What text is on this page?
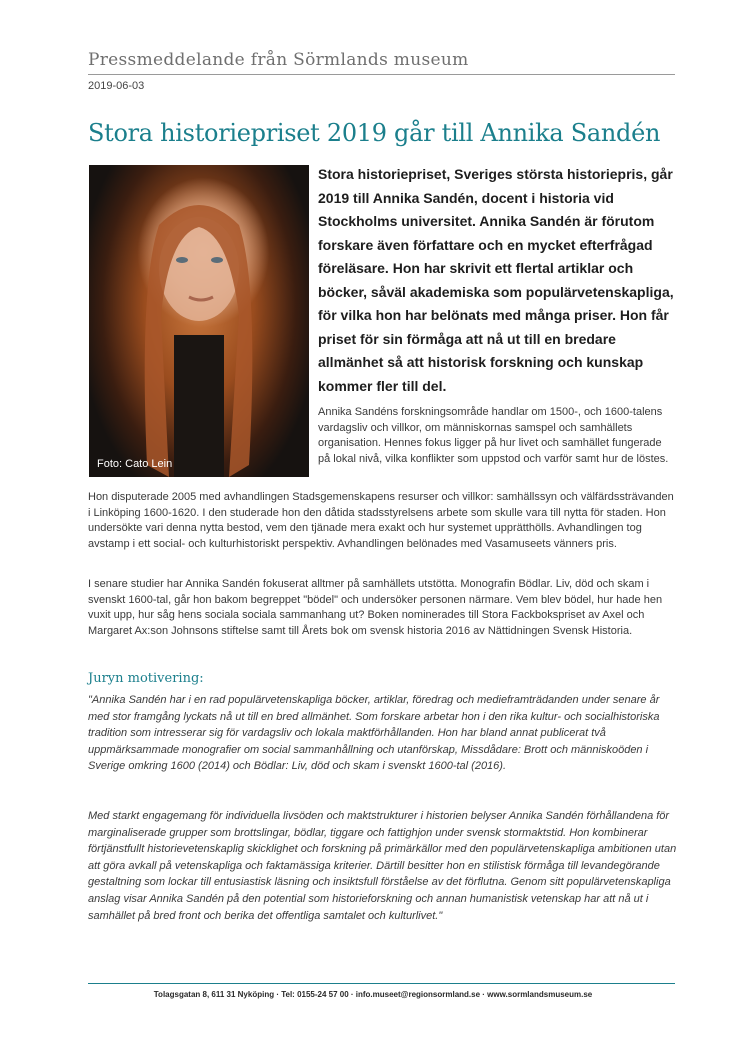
Pressmeddelande från Sörmlands museum
2019-06-03
Stora historiepriset 2019 går till Annika Sandén
Foto: Cato Lein

Stora historiepriset, Sveriges största historiepris, går 2019 till Annika Sandén, docent i historia vid Stockholms universitet. Annika Sandén är förutom forskare även författare och en mycket efterfrågad föreläsare. Hon har skrivit ett flertal artiklar och böcker, såväl akademiska som populärvetenskapliga, för vilka hon har belönats med många priser. Hon får priset för sin förmåga att nå ut till en bredare allmänhet så att historisk forskning och kunskap kommer fler till del.

Annika Sandéns forskningsområde handlar om 1500-, och 1600-talens vardagsliv och villkor, om människornas samspel och samhällets organisation. Hennes fokus ligger på hur livet och samhället fungerade på lokal nivå, vilka konflikter som uppstod och varför samt hur de löstes.

Hon disputerade 2005 med avhandlingen Stadsgemenskapens resurser och villkor: samhällssyn och välfärdssträvanden i Linköping 1600-1620. I den studerade hon den dåtida stadsstyrelsens arbete som skulle vara till nytta för staden. Hon undersökte vari denna nytta bestod, vem den tjänade mera exakt och hur systemet upprätthölls. Avhandlingen tog avstamp i ett social- och kulturhistoriskt perspektiv. Avhandlingen belönades med Vasamuseets vänners pris.

I senare studier har Annika Sandén fokuserat alltmer på samhällets utstötta. Monografin Bödlar. Liv, död och skam i svenskt 1600-tal, går hon bakom begreppet "bödel" och undersöker personen närmare. Vem blev bödel, hur hade hen vuxit upp, hur såg hens sociala sociala sammanhang ut? Boken nominerades till Stora Fackbokspriset av Axel och Margaret Ax:son Johnsons stiftelse samt till Årets bok om svensk historia 2016 av Nättidningen Svensk Historia.

Juryn motivering:

"Annika Sandén har i en rad populärvetenskapliga böcker, artiklar, föredrag och medieframträdanden under senare år med stor framgång lyckats nå ut till en bred allmänhet. Som forskare arbetar hon i den rika kultur- och socialhistoriska tradition som intresserar sig för vardagsliv och lokala maktförhållanden. Hon har bland annat publicerat två uppmärksammade monografier om social sammanhållning och utanförskap, Missdådare: Brott och människoöden i Sverige omkring 1600 (2014) och Bödlar: Liv, död och skam i svenskt 1600-tal (2016).

Med starkt engagemang för individuella livsöden och maktstrukturer i historien belyser Annika Sandén förhållandena för marginaliserade grupper som brottslingar, bödlar, tiggare och fattighjon under svensk stormaktstid. Hon kombinerar förtjänstfullt historievetenskaplig skicklighet och forskning på primärkällor med den populärvetenskapliga ambitionen utan att göra avkall på vetenskapliga och faktamässiga kriterier. Därtill besitter hon en stilistisk förmåga till levandegörande gestaltning som lockar till entusiastisk läsning och insiktsfull förståelse av det förflutna. Genom sitt populärvetenskapliga anslag visar Annika Sandén på den potential som historieforskning och annan humanistisk vetenskap har att nå ut i samhället på bred front och berika det offentliga samtalet och kulturlivet."

Tolagsgatan 8, 611 31 Nyköping · Tel: 0155-24 57 00 · info.museet@regionsormland.se · www.sormlandsmuseum.se
